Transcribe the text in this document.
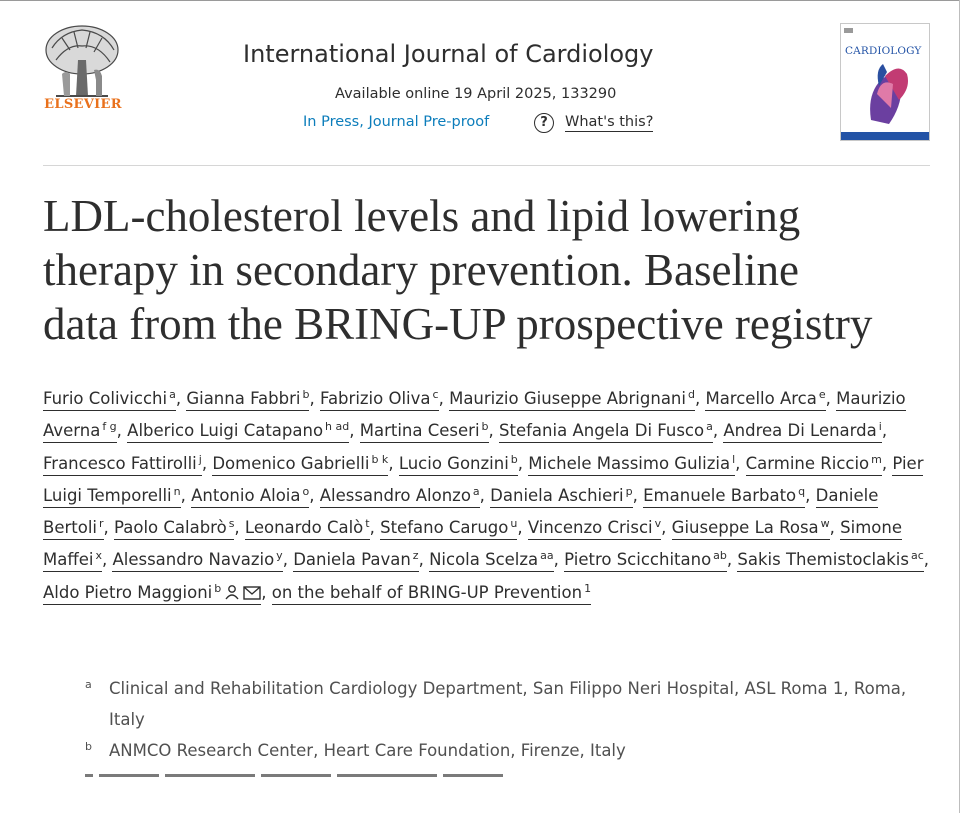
ELSEVIER
International Journal of Cardiology
Available online 19 April 2025, 133290
In Press, Journal Pre-proof	?	What's this?
CARDIOLOGY
LDL-cholesterol levels and lipid lowering
therapy in secondary prevention. Baseline
data from the BRING-UP prospective registry
Furio Colivicchi $^a$, Gianna Fabbri $^b$, Fabrizio Oliva $^c$, Maurizio Giuseppe Abrignani $^d$, Marcello Arca $^e$, Maurizio Averna $^{f g}$, Alberico Luigi Catapano $^{h ad}$, Martina Ceseri $^b$, Stefania Angela Di Fusco $^a$, Andrea Di Lenarda $^i$, Francesco Fattirolli $^j$, Domenico Gabrielli $^{b k}$, Lucio Gonzini $^b$, Michele Massimo Gulizia $^l$, Carmine Riccio $^m$, Pier Luigi Temporelli $^n$, Antonio Aloia $^o$, Alessandro Alonzo $^a$, Daniela Aschieri $^p$, Emanuele Barbato $^q$, Daniele Bertoli $^r$, Paolo Calabrò $^s$, Leonardo Calò $^t$, Stefano Carugo $^u$, Vincenzo Crisci $^v$, Giuseppe La Rosa $^w$, Simone Maffei $^x$, Alessandro Navazio $^y$, Daniela Pavan $^z$, Nicola Scelza $^{aa}$, Pietro Scicchitano $^{ab}$, Sakis Themistoclakis $^{ac}$, Aldo Pietro Maggioni $^b$ , on the behalf of BRING-UP Prevention $^1$
a Clinical and Rehabilitation Cardiology Department, San Filippo Neri Hospital, ASL Roma 1, Roma, Italy
b ANMCO Research Center, Heart Care Foundation, Firenze, Italy
